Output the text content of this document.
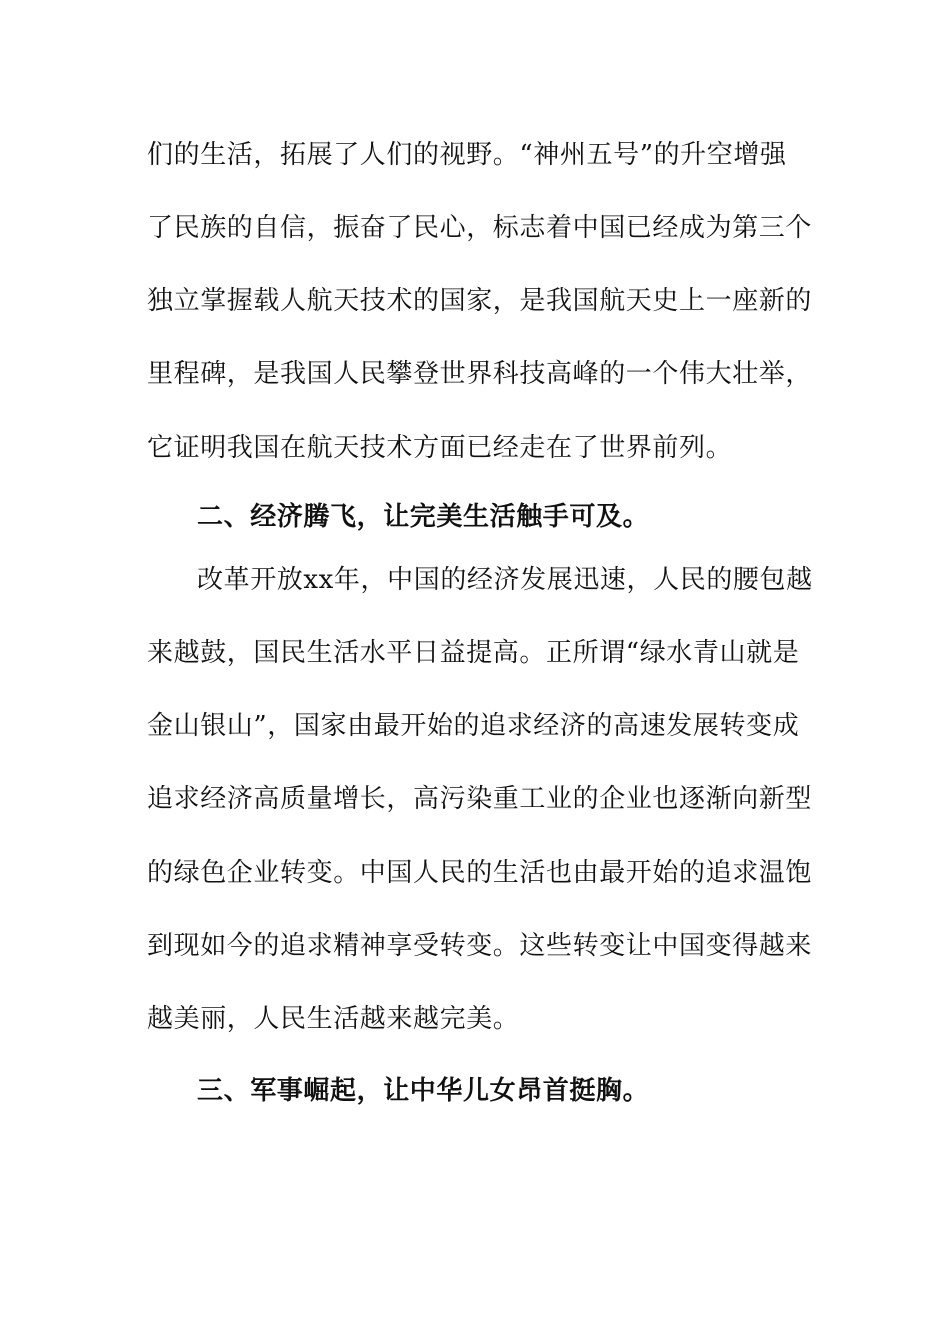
们的生活，拓展了人们的视野。“神州五号”的升空增强
了民族的自信，振奋了民心，标志着中国已经成为第三个
独立掌握载人航天技术的国家，是我国航天史上一座新的
里程碑，是我国人民攀登世界科技高峰的一个伟大壮举，
它证明我国在航天技术方面已经走在了世界前列。
二、经济腾飞，让完美生活触手可及。
改革开放xx年，中国的经济发展迅速，人民的腰包越
来越鼓，国民生活水平日益提高。正所谓“绿水青山就是
金山银山”，国家由最开始的追求经济的高速发展转变成
追求经济高质量增长，高污染重工业的企业也逐渐向新型
的绿色企业转变。中国人民的生活也由最开始的追求温饱
到现如今的追求精神享受转变。这些转变让中国变得越来
越美丽，人民生活越来越完美。
三、军事崛起，让中华儿女昂首挺胸。
